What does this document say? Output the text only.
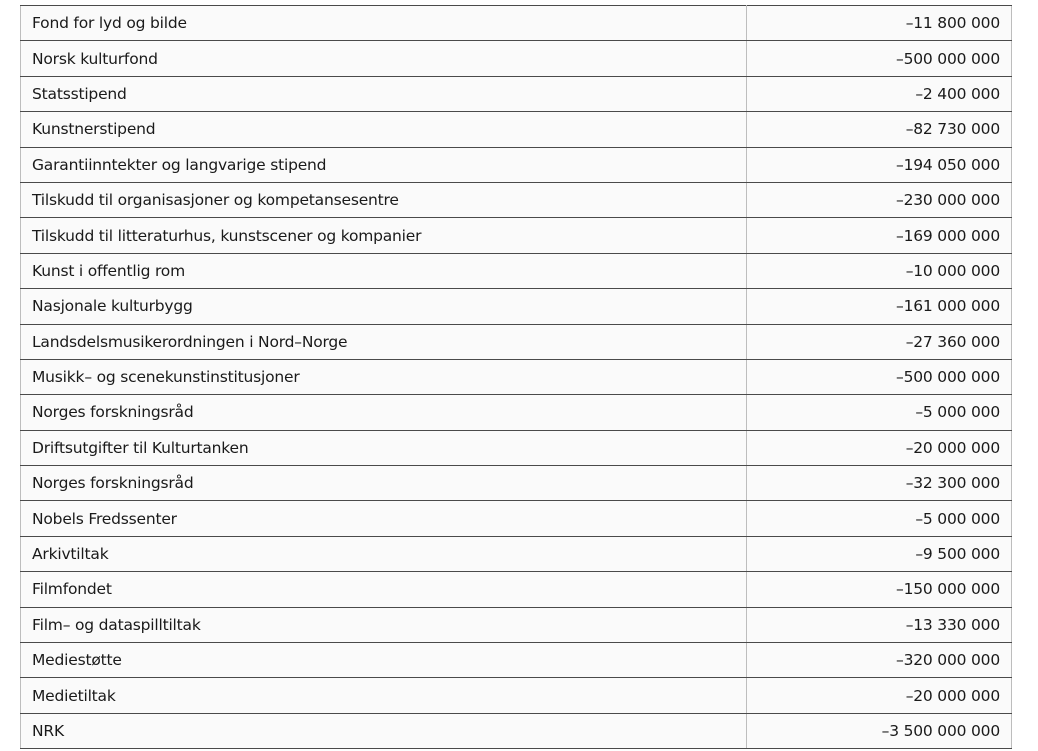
Fond for lyd og bilde	–11 800 000
Norsk kulturfond	–500 000 000
Statsstipend	–2 400 000
Kunstnerstipend	–82 730 000
Garantiinntekter og langvarige stipend	–194 050 000
Tilskudd til organisasjoner og kompetansesentre	–230 000 000
Tilskudd til litteraturhus, kunstscener og kompanier	–169 000 000
Kunst i offentlig rom	–10 000 000
Nasjonale kulturbygg	–161 000 000
Landsdelsmusikerordningen i Nord–Norge	–27 360 000
Musikk– og scenekunstinstitusjoner	–500 000 000
Norges forskningsråd	–5 000 000
Driftsutgifter til Kulturtanken	–20 000 000
Norges forskningsråd	–32 300 000
Nobels Fredssenter	–5 000 000
Arkivtiltak	–9 500 000
Filmfondet	–150 000 000
Film– og dataspilltiltak	–13 330 000
Mediestøtte	–320 000 000
Medietiltak	–20 000 000
NRK	–3 500 000 000
